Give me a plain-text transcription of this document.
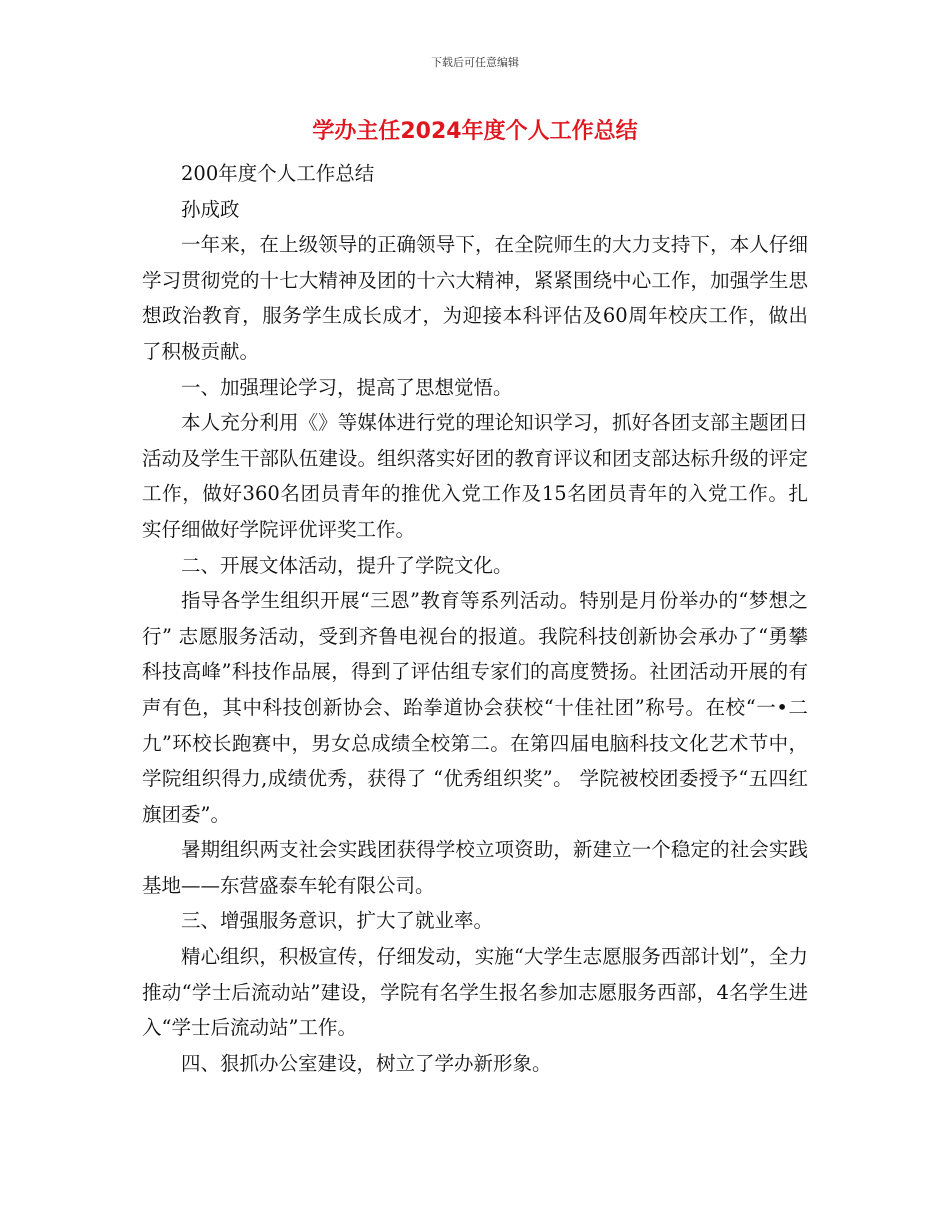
下载后可任意编辑
学办主任2024年度个人工作总结

200年度个人工作总结

孙成政

一年来，在上级领导的正确领导下，在全院师生的大力支持下，本人仔细学习贯彻党的十七大精神及团的十六大精神，紧紧围绕中心工作，加强学生思想政治教育，服务学生成长成才，为迎接本科评估及60周年校庆工作，做出了积极贡献。

一、加强理论学习，提高了思想觉悟。

本人充分利用《》等媒体进行党的理论知识学习，抓好各团支部主题团日活动及学生干部队伍建设。组织落实好团的教育评议和团支部达标升级的评定工作，做好360名团员青年的推优入党工作及15名团员青年的入党工作。扎实仔细做好学院评优评奖工作。

二、开展文体活动，提升了学院文化。

指导各学生组织开展“三恩”教育等系列活动。特别是月份举办的“梦想之行” 志愿服务活动，受到齐鲁电视台的报道。我院科技创新协会承办了“勇攀科技高峰”科技作品展，得到了评估组专家们的高度赞扬。社团活动开展的有声有色，其中科技创新协会、跆拳道协会获校“十佳社团”称号。在校“一•二九”环校长跑赛中，男女总成绩全校第二。在第四届电脑科技文化艺术节中，学院组织得力,成绩优秀，获得了 “优秀组织奖”。 学院被校团委授予“五四红旗团委”。

暑期组织两支社会实践团获得学校立项资助，新建立一个稳定的社会实践基地——东营盛泰车轮有限公司。

三、增强服务意识，扩大了就业率。

精心组织，积极宣传，仔细发动，实施“大学生志愿服务西部计划”，全力推动“学士后流动站”建设，学院有名学生报名参加志愿服务西部，4名学生进入“学士后流动站”工作。

四、狠抓办公室建设，树立了学办新形象。
